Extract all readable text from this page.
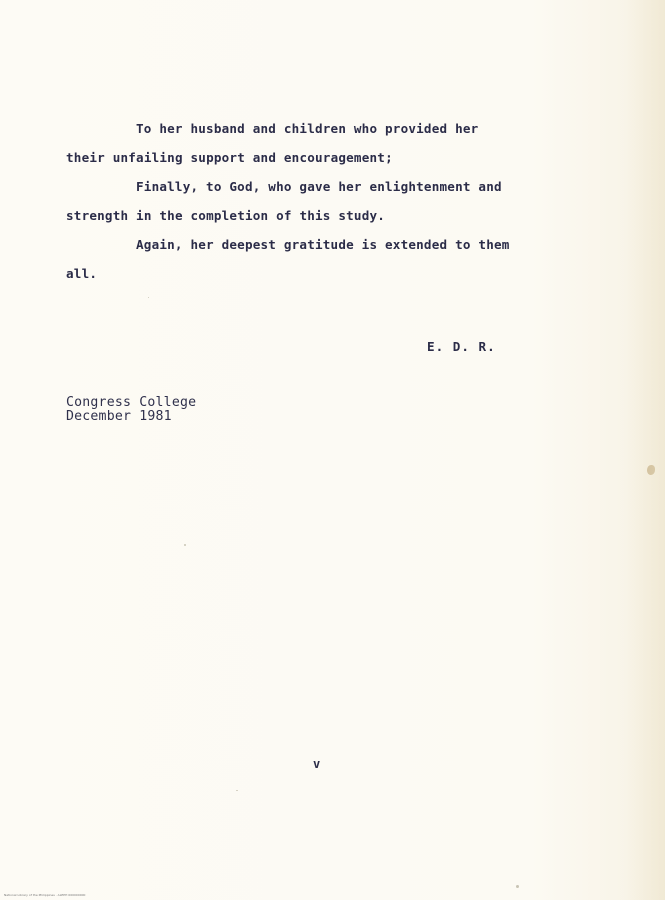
To her husband and children who provided her
their unfailing support and encouragement;
Finally, to God, who gave her enlightenment and
strength in the completion of this study.
Again, her deepest gratitude is extended to them
all.
E. D. R.
Congress College
December 1981
v
National Library of the Philippines · ALEPH 000000000
